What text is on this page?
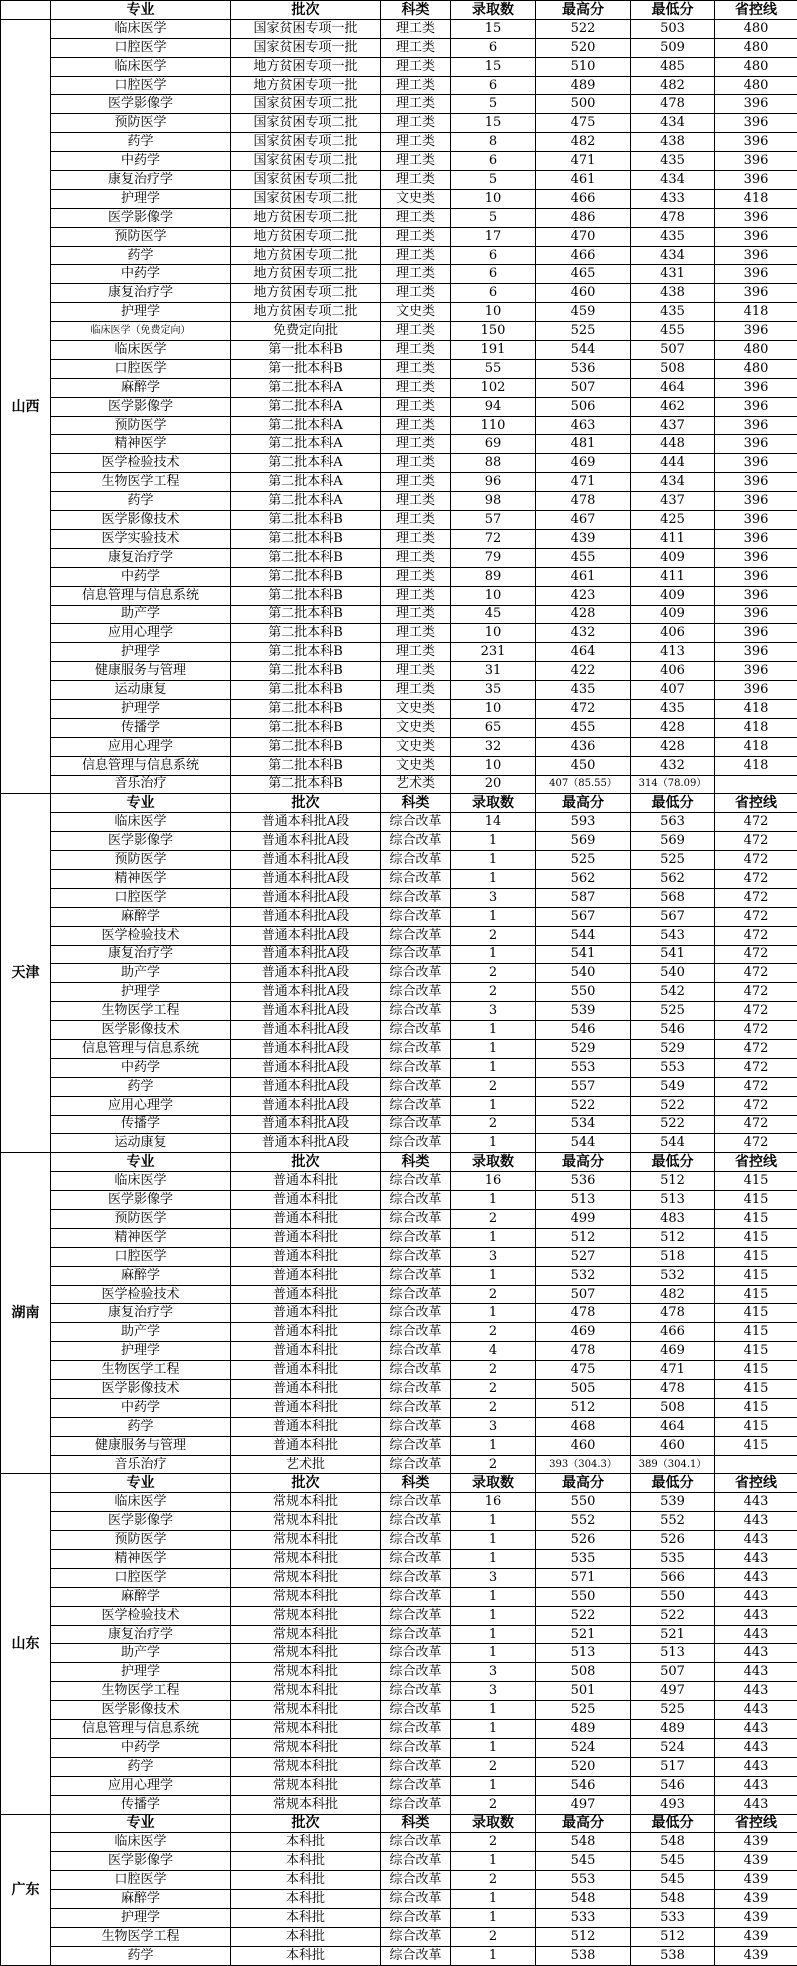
	专业	批次	科类	录取数	最高分	最低分	省控线
山西	临床医学	国家贫困专项一批	理工类	15	522	503	480
	口腔医学	国家贫困专项一批	理工类	6	520	509	480
	临床医学	地方贫困专项一批	理工类	15	510	485	480
	口腔医学	地方贫困专项一批	理工类	6	489	482	480
	医学影像学	国家贫困专项二批	理工类	5	500	478	396
	预防医学	国家贫困专项二批	理工类	15	475	434	396
	药学	国家贫困专项二批	理工类	8	482	438	396
	中药学	国家贫困专项二批	理工类	6	471	435	396
	康复治疗学	国家贫困专项二批	理工类	5	461	434	396
	护理学	国家贫困专项二批	文史类	10	466	433	418
	医学影像学	地方贫困专项二批	理工类	5	486	478	396
	预防医学	地方贫困专项二批	理工类	17	470	435	396
	药学	地方贫困专项二批	理工类	6	466	434	396
	中药学	地方贫困专项二批	理工类	6	465	431	396
	康复治疗学	地方贫困专项二批	理工类	6	460	438	396
	护理学	地方贫困专项二批	文史类	10	459	435	418
	临床医学（免费定向）	免费定向批	理工类	150	525	455	396
	临床医学	第一批本科B	理工类	191	544	507	480
	口腔医学	第一批本科B	理工类	55	536	508	480
	麻醉学	第二批本科A	理工类	102	507	464	396
	医学影像学	第二批本科A	理工类	94	506	462	396
	预防医学	第二批本科A	理工类	110	463	437	396
	精神医学	第二批本科A	理工类	69	481	448	396
	医学检验技术	第二批本科A	理工类	88	469	444	396
	生物医学工程	第二批本科A	理工类	96	471	434	396
	药学	第二批本科A	理工类	98	478	437	396
	医学影像技术	第二批本科B	理工类	57	467	425	396
	医学实验技术	第二批本科B	理工类	72	439	411	396
	康复治疗学	第二批本科B	理工类	79	455	409	396
	中药学	第二批本科B	理工类	89	461	411	396
	信息管理与信息系统	第二批本科B	理工类	10	423	409	396
	助产学	第二批本科B	理工类	45	428	409	396
	应用心理学	第二批本科B	理工类	10	432	406	396
	护理学	第二批本科B	理工类	231	464	413	396
	健康服务与管理	第二批本科B	理工类	31	422	406	396
	运动康复	第二批本科B	理工类	35	435	407	396
	护理学	第二批本科B	文史类	10	472	435	418
	传播学	第二批本科B	文史类	65	455	428	418
	应用心理学	第二批本科B	文史类	32	436	428	418
	信息管理与信息系统	第二批本科B	文史类	10	450	432	418
	音乐治疗	第二批本科B	艺术类	20	407（85.55）	314（78.09）	
天津	专业	批次	科类	录取数	最高分	最低分	省控线
	临床医学	普通本科批A段	综合改革	14	593	563	472
	医学影像学	普通本科批A段	综合改革	1	569	569	472
	预防医学	普通本科批A段	综合改革	1	525	525	472
	精神医学	普通本科批A段	综合改革	1	562	562	472
	口腔医学	普通本科批A段	综合改革	3	587	568	472
	麻醉学	普通本科批A段	综合改革	1	567	567	472
	医学检验技术	普通本科批A段	综合改革	2	544	543	472
	康复治疗学	普通本科批A段	综合改革	1	541	541	472
	助产学	普通本科批A段	综合改革	2	540	540	472
	护理学	普通本科批A段	综合改革	2	550	542	472
	生物医学工程	普通本科批A段	综合改革	3	539	525	472
	医学影像技术	普通本科批A段	综合改革	1	546	546	472
	信息管理与信息系统	普通本科批A段	综合改革	1	529	529	472
	中药学	普通本科批A段	综合改革	1	553	553	472
	药学	普通本科批A段	综合改革	2	557	549	472
	应用心理学	普通本科批A段	综合改革	1	522	522	472
	传播学	普通本科批A段	综合改革	2	534	522	472
	运动康复	普通本科批A段	综合改革	1	544	544	472
湖南	专业	批次	科类	录取数	最高分	最低分	省控线
	临床医学	普通本科批	综合改革	16	536	512	415
	医学影像学	普通本科批	综合改革	1	513	513	415
	预防医学	普通本科批	综合改革	2	499	483	415
	精神医学	普通本科批	综合改革	1	512	512	415
	口腔医学	普通本科批	综合改革	3	527	518	415
	麻醉学	普通本科批	综合改革	1	532	532	415
	医学检验技术	普通本科批	综合改革	2	507	482	415
	康复治疗学	普通本科批	综合改革	1	478	478	415
	助产学	普通本科批	综合改革	2	469	466	415
	护理学	普通本科批	综合改革	4	478	469	415
	生物医学工程	普通本科批	综合改革	2	475	471	415
	医学影像技术	普通本科批	综合改革	2	505	478	415
	中药学	普通本科批	综合改革	2	512	508	415
	药学	普通本科批	综合改革	3	468	464	415
	健康服务与管理	普通本科批	综合改革	1	460	460	415
	音乐治疗	艺术批	综合改革	2	393（304.3）	389（304.1）	
山东	专业	批次	科类	录取数	最高分	最低分	省控线
	临床医学	常规本科批	综合改革	16	550	539	443
	医学影像学	常规本科批	综合改革	1	552	552	443
	预防医学	常规本科批	综合改革	1	526	526	443
	精神医学	常规本科批	综合改革	1	535	535	443
	口腔医学	常规本科批	综合改革	3	571	566	443
	麻醉学	常规本科批	综合改革	1	550	550	443
	医学检验技术	常规本科批	综合改革	1	522	522	443
	康复治疗学	常规本科批	综合改革	1	521	521	443
	助产学	常规本科批	综合改革	1	513	513	443
	护理学	常规本科批	综合改革	3	508	507	443
	生物医学工程	常规本科批	综合改革	3	501	497	443
	医学影像技术	常规本科批	综合改革	1	525	525	443
	信息管理与信息系统	常规本科批	综合改革	1	489	489	443
	中药学	常规本科批	综合改革	1	524	524	443
	药学	常规本科批	综合改革	2	520	517	443
	应用心理学	常规本科批	综合改革	1	546	546	443
	传播学	常规本科批	综合改革	2	497	493	443
广东	专业	批次	科类	录取数	最高分	最低分	省控线
	临床医学	本科批	综合改革	2	548	548	439
	医学影像学	本科批	综合改革	1	545	545	439
	口腔医学	本科批	综合改革	2	553	545	439
	麻醉学	本科批	综合改革	1	548	548	439
	护理学	本科批	综合改革	1	533	533	439
	生物医学工程	本科批	综合改革	2	512	512	439
	药学	本科批	综合改革	1	538	538	439
